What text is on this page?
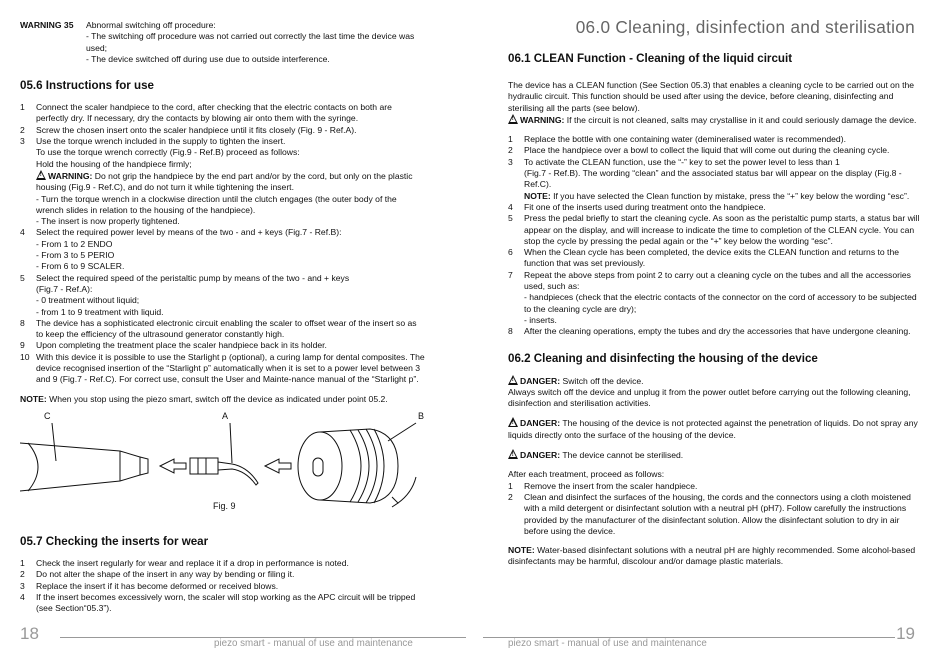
WARNING 35	Abnormal switching off procedure:
- The switching off procedure was not carried out correctly the last time the device was used;
- The device switched off during use due to outside interference.
05.6 Instructions for use
1	Connect the scaler handpiece to the cord, after checking that the electric contacts on both are perfectly dry. If necessary, dry the contacts by blowing air onto them with the syringe.
2	Screw the chosen insert onto the scaler handpiece until it fits closely (Fig. 9 - Ref.A).
3	Use the torque wrench included in the supply to tighten the insert.
To use the torque wrench correctly (Fig.9 - Ref.B) proceed as follows:
Hold the housing of the handpiece firmly;
!WARNING: Do not grip the handpiece by the end part and/or by the cord, but only on the plastic housing (Fig.9 - Ref.C), and do not turn it while tightening the insert.
- Turn the torque wrench in a clockwise direction until the clutch engages (the outer body of the wrench slides in relation to the housing of the handpiece).
- The insert is now properly tightened.
4	Select the required power level by means of the two - and + keys (Fig.7 - Ref.B):
- From 1 to 2 ENDO
- From 3 to 5 PERIO
- From 6 to 9 SCALER.
5	Select the required speed of the peristaltic pump by means of the two - and + keys
(Fig.7 - Ref.A):
- 0 treatment without liquid;
- from 1 to 9 treatment with liquid.
8	The device has a sophisticated electronic circuit enabling the scaler to offset wear of the insert so as to keep the efficiency of the ultrasound generator constantly high.
9	Upon completing the treatment place the scaler handpiece back in its holder.
10 With this device it is possible to use the Starlight p (optional), a curing lamp for dental composites. The device recognised insertion of the “Starlight p” automatically when it is set to a power level between 3 and 9 (Fig.7 - Ref.C). For correct use, consult the User and Mainte-nance manual of the “Starlight p”.
NOTE: When you stop using the piezo smart, switch off the device as indicated under point 05.2.
C	A	B
Fig. 9
05.7 Checking the inserts for wear
1	Check the insert regularly for wear and replace it if a drop in performance is noted.
2	Do not alter the shape of the insert in any way by bending or filing it.
3	Replace the insert if it has become deformed or received blows.
4	If the insert becomes excessively worn, the scaler will stop working as the APC circuit will be tripped (see Section“05.3”).
18
piezo smart - manual of use and maintenance
06.0 Cleaning, disinfection and sterilisation
06.1 CLEAN Function - Cleaning of the liquid circuit
The device has a CLEAN function (See Section 05.3) that enables a cleaning cycle to be carried out on the hydraulic circuit. This function should be used after using the device, before cleaning, disinfecting and sterilising all the parts (see below).
!WARNING: If the circuit is not cleaned, salts may crystallise in it and could seriously damage the device.
1	Replace the bottle with one containing water (demineralised water is recommended).
2	Place the handpiece over a bowl to collect the liquid that will come out during the cleaning cycle.
3	To activate the CLEAN function, use the “-” key to set the power level to less than 1
(Fig.7 - Ref.B). The wording “clean” and the associated status bar will appear on the display (Fig.8 - Ref.C).
NOTE: If you have selected the Clean function by mistake, press the “+” key below the wording “esc”.
4	Fit one of the inserts used during treatment onto the handpiece.
5	Press the pedal briefly to start the cleaning cycle. As soon as the peristaltic pump starts, a status bar will appear on the display, and will increase to indicate the time to completion of the CLEAN cycle. You can stop the cycle by pressing the pedal again or the “+” key below the wording “esc”.
6	When the Clean cycle has been completed, the device exits the CLEAN function and returns to the function that was set previously.
7	Repeat the above steps from point 2 to carry out a cleaning cycle on the tubes and all the accessories used, such as:
- handpieces (check that the electric contacts of the connector on the cord of accessory to be subjected to the cleaning cycle are dry);
- inserts.
8	After the cleaning operations, empty the tubes and dry the accessories that have undergone cleaning.
06.2 Cleaning and disinfecting the housing of the device
!DANGER: Switch off the device.
Always switch off the device and unplug it from the power outlet before carrying out the following cleaning, disinfection and sterilisation activities.
!DANGER: The housing of the device is not protected against the penetration of liquids. Do not spray any liquids directly onto the surface of the housing of the device.
!DANGER: The device cannot be sterilised.
After each treatment, proceed as follows:
1	Remove the insert from the scaler handpiece.
2	Clean and disinfect the surfaces of the housing, the cords and the connectors using a cloth moistened with a mild detergent or disinfectant solution with a neutral pH (pH7). Follow carefully the instructions provided by the manufacturer of the disinfectant solution. Allow the disinfectant solution to dry in air before using the device.
NOTE: Water-based disinfectant solutions with a neutral pH are highly recommended. Some alcohol-based disinfectants may be harmful, discolour and/or damage plastic materials.
piezo smart - manual of use and maintenance
19
